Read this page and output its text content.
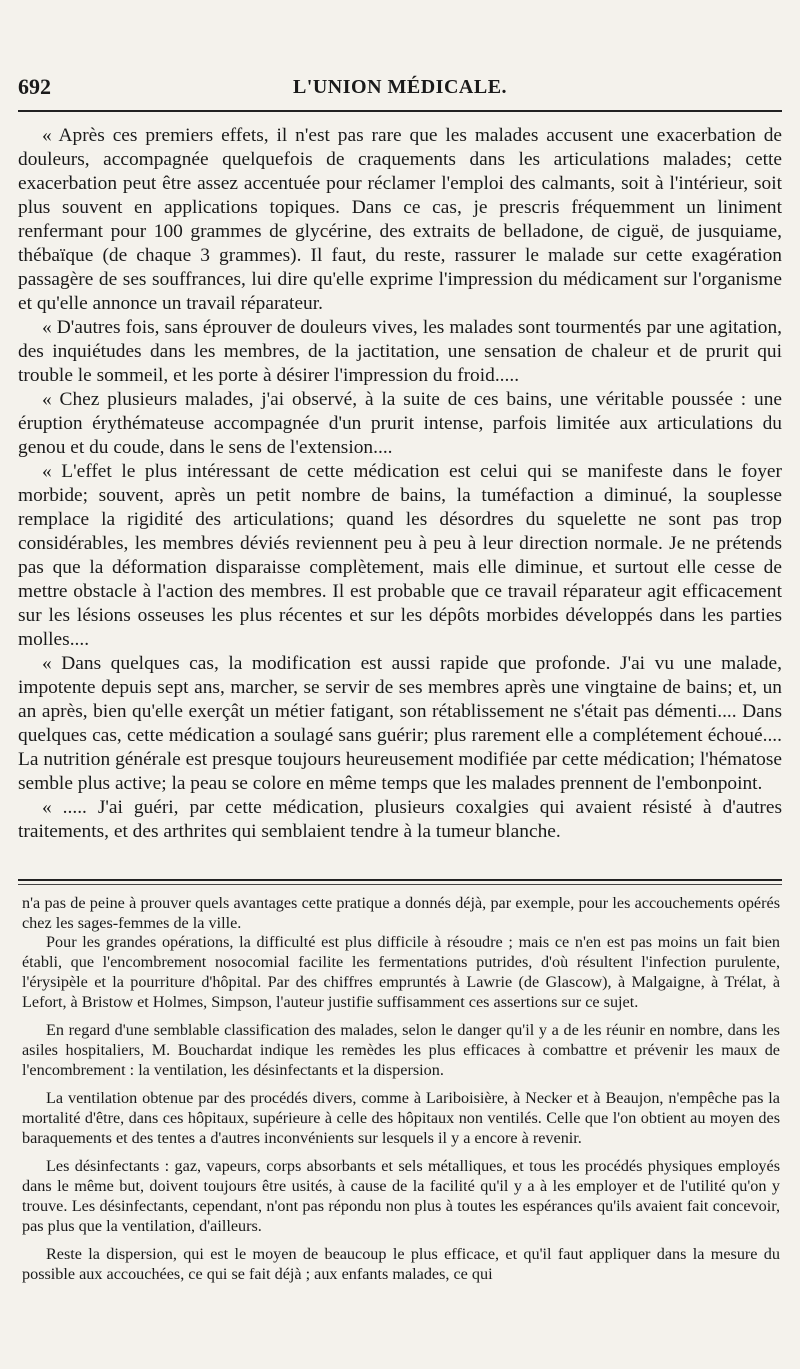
692	L'UNION MÉDICALE.

« Après ces premiers effets, il n'est pas rare que les malades accusent une exacerbation de douleurs, accompagnée quelquefois de craquements dans les articulations malades; cette exacerbation peut être assez accentuée pour réclamer l'emploi des calmants, soit à l'intérieur, soit plus souvent en applications topiques. Dans ce cas, je prescris fréquemment un liniment renfermant pour 100 grammes de glycérine, des extraits de belladone, de ciguë, de jusquiame, thébaïque (de chaque 3 grammes). Il faut, du reste, rassurer le malade sur cette exagération passagère de ses souffrances, lui dire qu'elle exprime l'impression du médicament sur l'organisme et qu'elle annonce un travail réparateur.

« D'autres fois, sans éprouver de douleurs vives, les malades sont tourmentés par une agitation, des inquiétudes dans les membres, de la jactitation, une sensation de chaleur et de prurit qui trouble le sommeil, et les porte à désirer l'impression du froid.....

« Chez plusieurs malades, j'ai observé, à la suite de ces bains, une véritable poussée : une éruption érythémateuse accompagnée d'un prurit intense, parfois limitée aux articulations du genou et du coude, dans le sens de l'extension....

« L'effet le plus intéressant de cette médication est celui qui se manifeste dans le foyer morbide; souvent, après un petit nombre de bains, la tuméfaction a diminué, la souplesse remplace la rigidité des articulations; quand les désordres du squelette ne sont pas trop considérables, les membres déviés reviennent peu à peu à leur direction normale. Je ne prétends pas que la déformation disparaisse complètement, mais elle diminue, et surtout elle cesse de mettre obstacle à l'action des membres. Il est probable que ce travail réparateur agit efficacement sur les lésions osseuses les plus récentes et sur les dépôts morbides développés dans les parties molles....

« Dans quelques cas, la modification est aussi rapide que profonde. J'ai vu une malade, impotente depuis sept ans, marcher, se servir de ses membres après une vingtaine de bains; et, un an après, bien qu'elle exerçât un métier fatigant, son rétablissement ne s'était pas démenti.... Dans quelques cas, cette médication a soulagé sans guérir; plus rarement elle a complétement échoué.... La nutrition générale est presque toujours heureusement modifiée par cette médication; l'hématose semble plus active; la peau se colore en même temps que les malades prennent de l'embonpoint.

« ..... J'ai guéri, par cette médication, plusieurs coxalgies qui avaient résisté à d'autres traitements, et des arthrites qui semblaient tendre à la tumeur blanche.

n'a pas de peine à prouver quels avantages cette pratique a donnés déjà, par exemple, pour les accouchements opérés chez les sages-femmes de la ville.

Pour les grandes opérations, la difficulté est plus difficile à résoudre ; mais ce n'en est pas moins un fait bien établi, que l'encombrement nosocomial facilite les fermentations putrides, d'où résultent l'infection purulente, l'érysipèle et la pourriture d'hôpital. Par des chiffres empruntés à Lawrie (de Glascow), à Malgaigne, à Trélat, à Lefort, à Bristow et Holmes, Simpson, l'auteur justifie suffisamment ces assertions sur ce sujet.

En regard d'une semblable classification des malades, selon le danger qu'il y a de les réunir en nombre, dans les asiles hospitaliers, M. Bouchardat indique les remèdes les plus efficaces à combattre et prévenir les maux de l'encombrement : la ventilation, les désinfectants et la dispersion.

La ventilation obtenue par des procédés divers, comme à Lariboisière, à Necker et à Beaujon, n'empêche pas la mortalité d'être, dans ces hôpitaux, supérieure à celle des hôpitaux non ventilés. Celle que l'on obtient au moyen des baraquements et des tentes a d'autres inconvénients sur lesquels il y a encore à revenir.

Les désinfectants : gaz, vapeurs, corps absorbants et sels métalliques, et tous les procédés physiques employés dans le même but, doivent toujours être usités, à cause de la facilité qu'il y a à les employer et de l'utilité qu'on y trouve. Les désinfectants, cependant, n'ont pas répondu non plus à toutes les espérances qu'ils avaient fait concevoir, pas plus que la ventilation, d'ailleurs.

Reste la dispersion, qui est le moyen de beaucoup le plus efficace, et qu'il faut appliquer dans la mesure du possible aux accouchées, ce qui se fait déjà ; aux enfants malades, ce qui
